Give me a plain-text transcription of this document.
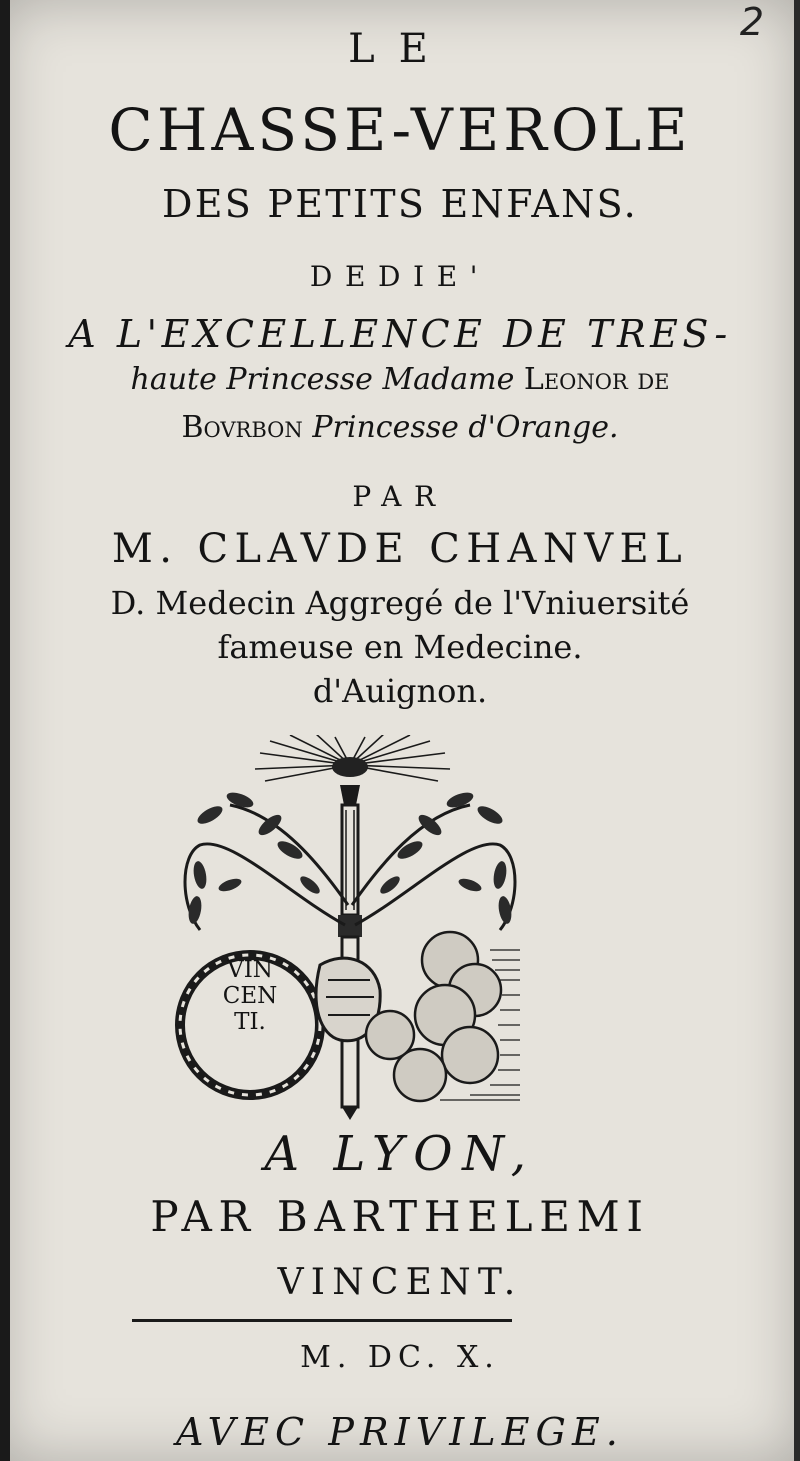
2
LE
CHASSE-VEROLE
DES PETITS ENFANS.
DEDIE'
A L'EXCELLENCE DE TRES-
haute Princesse Madame Leonor de
Bovrbon Princesse d'Orange.
PAR
M. CLAVDE CHANVEL
D. Medecin Aggregé de l'Vniuersité
fameuse en Medecine.
d'Auignon.
VIN
CEN
TI.
A LYON,
PAR BARTHELEMI
VINCENT.
M. DC. X.
AVEC PRIVILEGE.
